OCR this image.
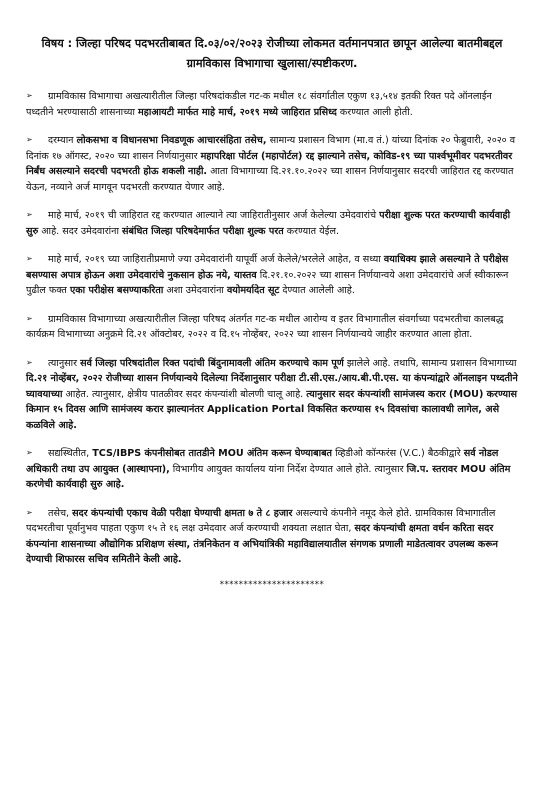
विषय : जिल्हा परिषद पदभरतीबाबत दि.०३/०२/२०२३ रोजीच्या लोकमत वर्तमानपत्रात छापून आलेल्या बातमीबद्दल
ग्रामविकास विभागाचा खुलासा/स्पष्टीकरण.
➢ ग्रामविकास विभागाचा अखत्यारीतील जिल्हा परिषदांकडील गट-क मधील १८ संवर्गातील एकुण १३,५१४ इतकी रिक्त पदे ऑनलाईन पध्दतीने भरण्यासाठी शासनाच्या महाआयटी मार्फत माहे मार्च, २०१९ मध्ये जाहिरात प्रसिध्द करण्यात आली होती.
➢ दरम्यान लोकसभा व विधानसभा निवडणूक आचारसंहिता तसेच, सामान्य प्रशासन विभाग (मा.व तं.) यांच्या दिनांक २० फेब्रुवारी, २०२० व दिनांक १७ ऑगस्ट, २०२० च्या शासन निर्णयानुसार महापरिक्षा पोर्टल (महापोर्टल) रद्द झाल्याने तसेच, कोविड-१९ च्या पार्श्वभूमीवर पदभरतीवर निर्बंध असल्याने सदरची पदभरती होऊ शकली नाही. आता विभागाच्या दि.२१.१०.२०२२ च्या शासन निर्णयानुसार सदरची जाहिरात रद्द करण्यात येऊन, नव्याने अर्ज मागवून पदभरती करण्यात येणार आहे.
➢ माहे मार्च, २०१९ ची जाहिरात रद्द करण्यात आल्याने त्या जाहिरातीनुसार अर्ज केलेल्या उमेदवारांचे परीक्षा शुल्क परत करण्याची कार्यवाही सुरु आहे. सदर उमेदवारांना संबंधित जिल्हा परिषदेमार्फत परीक्षा शुल्क परत करण्यात येईल.
➢ माहे मार्च, २०१९ च्या जाहिरातीप्रमाणे ज्या उमेदवारांनी यापूर्वी अर्ज केलेले/भरलेले आहेत, व सध्या वयाधिक्य झाले असल्याने ते परीक्षेस बसण्यास अपात्र होऊन अशा उमेदवारांचे नुकसान होऊ नये, यास्तव दि.२१.१०.२०२२ च्या शासन निर्णयान्वये अशा उमेदवारांचे अर्ज स्वीकारून पुढील फक्त एका परीक्षेस बसण्याकरिता अशा उमेदवारांना वयोमर्यादेत सूट देण्यात आलेली आहे.
➢ ग्रामविकास विभागाच्या अखत्यारीतील जिल्हा परिषद अंतर्गत गट-क मधील आरोग्य व इतर विभागातील संवर्गाच्या पदभरतीचा कालबद्ध कार्यक्रम विभागाच्या अनुक्रमे दि.२१ ऑक्टोबर, २०२२ व दि.१५ नोव्हेंबर, २०२२ च्या शासन निर्णयान्वये जाहीर करण्यात आला होता.
➢ त्यानुसार सर्व जिल्हा परिषदांतील रिक्त पदांची बिंदुनामावली अंतिम करण्याचे काम पूर्ण झालेले आहे. तथापि, सामान्य प्रशासन विभागाच्या दि.२१ नोव्हेंबर, २०२२ रोजीच्या शासन निर्णयान्वये दिलेल्या निर्देशानुसार परीक्षा टी.सी.एस./आय.बी.पी.एस. या कंपन्यांद्वारे ऑनलाइन पध्दतीने घ्यावयाच्या आहेत. त्यानुसार, क्षेत्रीय पातळीवर सदर कंपन्यांशी बोलणी चालू आहे. त्यानुसार सदर कंपन्यांशी सामंजस्य करार (MOU) करण्यास किमान १५ दिवस आणि सामंजस्य करार झाल्यानंतर Application Portal विकसित करण्यास १५ दिवसांचा कालावधी लागेल, असे कळविले आहे.
➢ सद्यस्थितीत, TCS/IBPS कंपनीसोबत तातडीने MOU अंतिम करून घेण्याबाबत व्हिडीओ कॉन्फरंस (V.C.) बैठकीद्वारे सर्व नोडल अधिकारी तथा उप आयुक्त (आस्थापना), विभागीय आयुक्त कार्यालय यांना निर्देश देण्यात आले होते. त्यानुसार जि.प. स्तरावर MOU अंतिम करणेची कार्यवाही सुरु आहे.
➢ तसेच, सदर कंपन्यांची एकाच वेळी परीक्षा घेण्याची क्षमता ७ ते ८ हजार असल्याचे कंपनीने नमूद केले होते. ग्रामविकास विभागातील पदभरतीचा पूर्वानुभव पाहता एकुण १५ ते १६ लक्ष उमेदवार अर्ज करण्याची शक्यता लक्षात घेता, सदर कंपन्यांची क्षमता वर्धन करिता सदर कंपन्यांना शासनाच्या औद्योगिक प्रशिक्षण संस्था, तंत्रनिकेतन व अभियांत्रिकी महाविद्यालयातील संगणक प्रणाली माडेतत्वावर उपलब्ध करून देण्याची शिफारस सचिव समितीने केली आहे.
**********************
